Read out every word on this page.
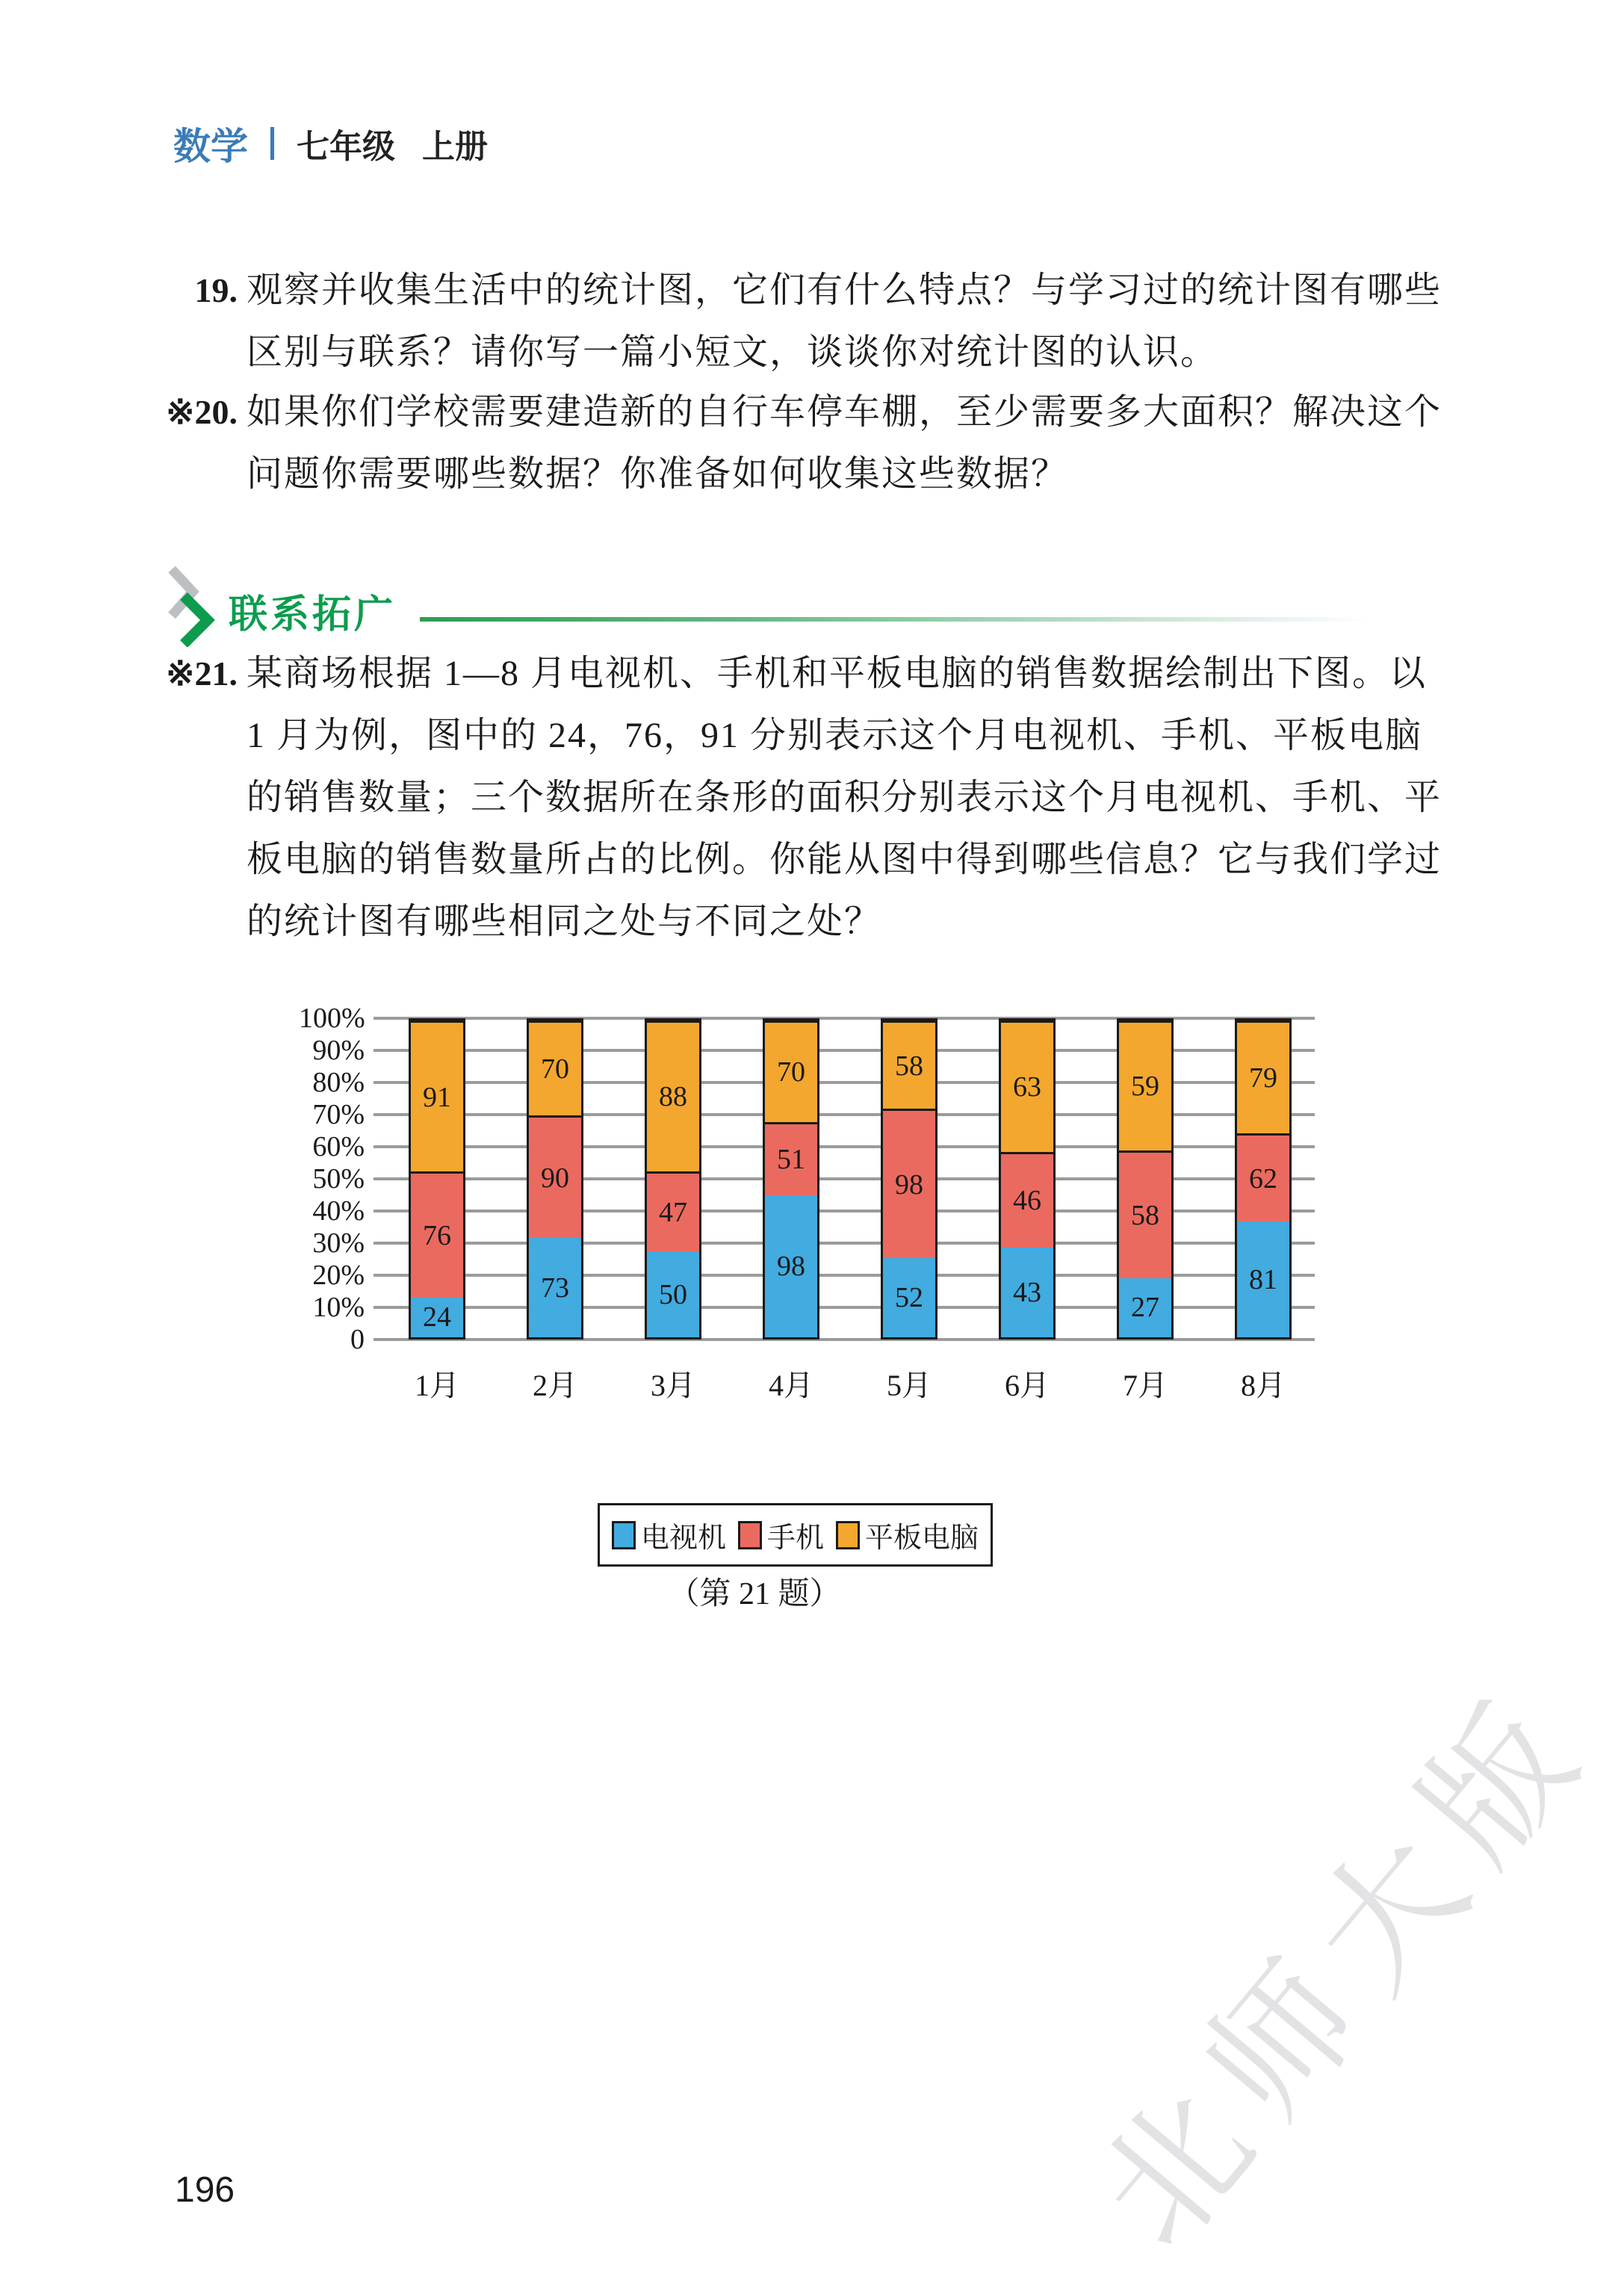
数学 七年级 上册
19. 观察并收集生活中的统计图，它们有什么特点？与学习过的统计图有哪些
区别与联系？请你写一篇小短文，谈谈你对统计图的认识。
※20. 如果你们学校需要建造新的自行车停车棚，至少需要多大面积？解决这个
问题你需要哪些数据？你准备如何收集这些数据？
联系拓广
※21. 某商场根据 1—8 月电视机、手机和平板电脑的销售数据绘制出下图。以
1 月为例，图中的 24，76，91 分别表示这个月电视机、手机、平板电脑
的销售数量；三个数据所在条形的面积分别表示这个月电视机、手机、平
板电脑的销售数量所占的比例。你能从图中得到哪些信息？它与我们学过
的统计图有哪些相同之处与不同之处？
100%
90%
80%
70%
60%
50%
40%
30%
20%
10%
0
24
76
91
73
90
70
50
47
88
98
51
70
52
98
58
43
46
63
27
58
59
81
62
79
1月 2月 3月 4月 5月 6月 7月 8月
电视机 手机 平板电脑
（第 21 题）
196	北师大版
